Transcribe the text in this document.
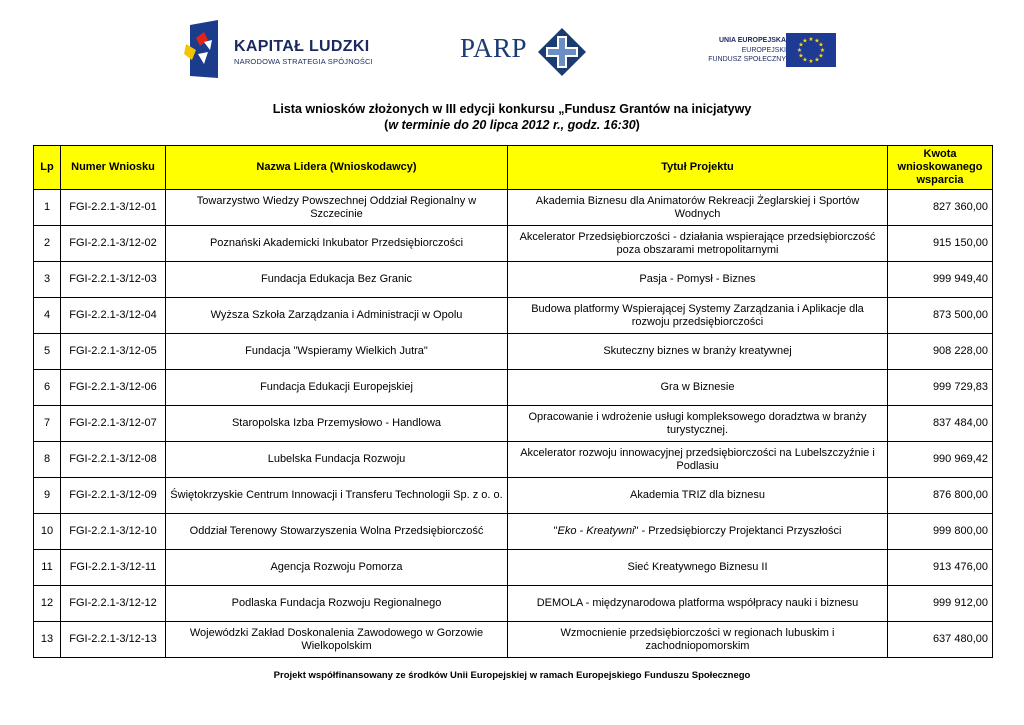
KAPITAŁ LUDZKI
NARODOWA STRATEGIA SPÓJNOŚCI	PARP	UNIA EUROPEJSKA
EUROPEJSKI
FUNDUSZ SPOŁECZNY
★ ★
★
★
★
★
★
★
★
★
★
★
Lista wniosków złożonych w III edycji konkursu „Fundusz Grantów na inicjatywy
(w terminie do 20 lipca 2012 r., godz. 16:30)
Lp	Numer Wniosku	Nazwa Lidera (Wnioskodawcy)	Tytuł Projektu	Kwota wnioskowanego wsparcia
1	FGI-2.2.1-3/12-01	Towarzystwo Wiedzy Powszechnej Oddział Regionalny w Szczecinie	Akademia Biznesu dla Animatorów Rekreacji Żeglarskiej i Sportów Wodnych	827 360,00
2	FGI-2.2.1-3/12-02	Poznański Akademicki Inkubator Przedsiębiorczości	Akcelerator Przedsiębiorczości - działania wspierające przedsiębiorczość poza obszarami metropolitarnymi	915 150,00
3	FGI-2.2.1-3/12-03	Fundacja Edukacja Bez Granic	Pasja - Pomysł - Biznes	999 949,40
4	FGI-2.2.1-3/12-04	Wyższa Szkoła Zarządzania i Administracji w Opolu	Budowa platformy Wspierającej Systemy Zarządzania i Aplikacje dla rozwoju przedsiębiorczości	873 500,00
5	FGI-2.2.1-3/12-05	Fundacja "Wspieramy Wielkich Jutra"	Skuteczny biznes w branży kreatywnej	908 228,00
6	FGI-2.2.1-3/12-06	Fundacja Edukacji Europejskiej	Gra w Biznesie	999 729,83
7	FGI-2.2.1-3/12-07	Staropolska Izba Przemysłowo - Handlowa	Opracowanie i wdrożenie usługi kompleksowego doradztwa w branży turystycznej.	837 484,00
8	FGI-2.2.1-3/12-08	Lubelska Fundacja Rozwoju	Akcelerator rozwoju innowacyjnej przedsiębiorczości na Lubelszczyźnie i Podlasiu	990 969,42
9	FGI-2.2.1-3/12-09	Świętokrzyskie Centrum Innowacji i Transferu Technologii Sp. z o. o.	Akademia TRIZ dla biznesu	876 800,00
10	FGI-2.2.1-3/12-10	Oddział Terenowy Stowarzyszenia Wolna Przedsiębiorczość	"Eko - Kreatywni" - Przedsiębiorczy Projektanci Przyszłości	999 800,00
11	FGI-2.2.1-3/12-11	Agencja Rozwoju Pomorza	Sieć Kreatywnego Biznesu II	913 476,00
12	FGI-2.2.1-3/12-12	Podlaska Fundacja Rozwoju Regionalnego	DEMOLA - międzynarodowa platforma współpracy nauki i biznesu	999 912,00
13	FGI-2.2.1-3/12-13	Wojewódzki Zakład Doskonalenia Zawodowego w Gorzowie Wielkopolskim	Wzmocnienie przedsiębiorczości w regionach lubuskim i zachodniopomorskim	637 480,00
Projekt współfinansowany ze środków Unii Europejskiej w ramach Europejskiego Funduszu Społecznego
